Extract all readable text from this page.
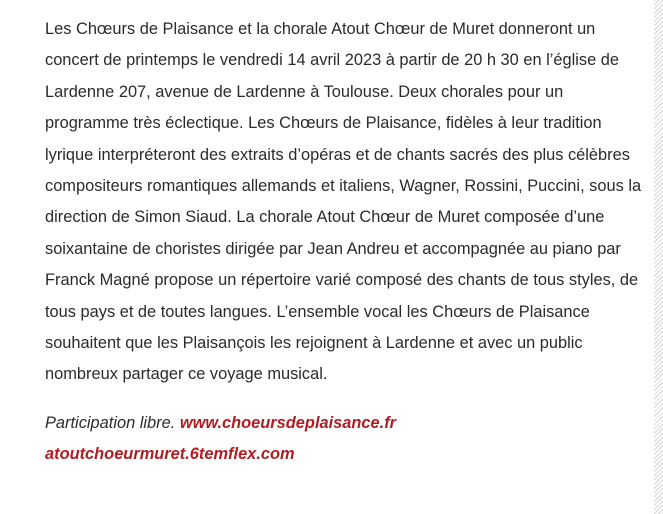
Les Chœurs de Plaisance et la chorale Atout Chœur de Muret donneront un concert de printemps le vendredi 14 avril 2023 à partir de 20 h 30 en l’église de Lardenne 207, avenue de Lardenne à Toulouse. Deux chorales pour un programme très éclectique. Les Chœurs de Plaisance, fidèles à leur tradition lyrique interpréteront des extraits d’opéras et de chants sacrés des plus célèbres compositeurs romantiques allemands et italiens, Wagner, Rossini, Puccini, sous la direction de Simon Siaud. La chorale Atout Chœur de Muret composée d’une soixantaine de choristes dirigée par Jean Andreu et accompagnée au piano par Franck Magné propose un répertoire varié composé des chants de tous styles, de tous pays et de toutes langues. L’ensemble vocal les Chœurs de Plaisance souhaitent que les Plaisançois les rejoignent à Lardenne et avec un public nombreux partager ce voyage musical.

Participation libre. www.choeursdeplaisance.fr
atoutchoeurmuret.6temflex.com
